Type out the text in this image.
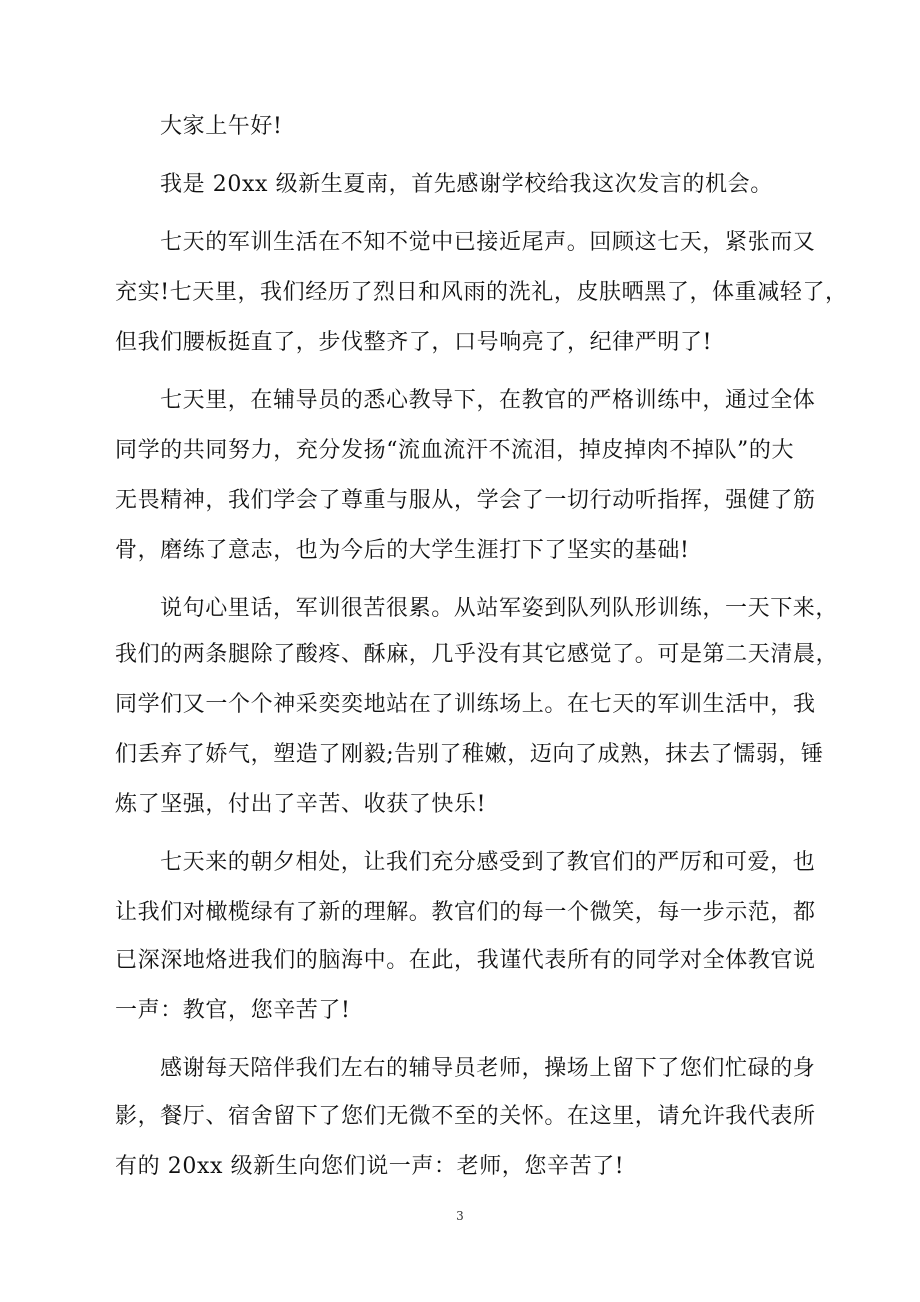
大家上午好!
我是 20xx 级新生夏南，首先感谢学校给我这次发言的机会。
七天的军训生活在不知不觉中已接近尾声。回顾这七天，紧张而又
充实!七天里，我们经历了烈日和风雨的洗礼，皮肤晒黑了，体重减轻了，
但我们腰板挺直了，步伐整齐了，口号响亮了，纪律严明了!
七天里，在辅导员的悉心教导下，在教官的严格训练中，通过全体
同学的共同努力，充分发扬“流血流汗不流泪，掉皮掉肉不掉队”的大
无畏精神，我们学会了尊重与服从，学会了一切行动听指挥，强健了筋
骨，磨练了意志，也为今后的大学生涯打下了坚实的基础!
说句心里话，军训很苦很累。从站军姿到队列队形训练，一天下来，
我们的两条腿除了酸疼、酥麻，几乎没有其它感觉了。可是第二天清晨，
同学们又一个个神采奕奕地站在了训练场上。在七天的军训生活中，我
们丢弃了娇气，塑造了刚毅;告别了稚嫩，迈向了成熟，抹去了懦弱，锤
炼了坚强，付出了辛苦、收获了快乐!
七天来的朝夕相处，让我们充分感受到了教官们的严厉和可爱，也
让我们对橄榄绿有了新的理解。教官们的每一个微笑，每一步示范，都
已深深地烙进我们的脑海中。在此，我谨代表所有的同学对全体教官说
一声：教官，您辛苦了!
感谢每天陪伴我们左右的辅导员老师，操场上留下了您们忙碌的身
影，餐厅、宿舍留下了您们无微不至的关怀。在这里，请允许我代表所
有的 20xx 级新生向您们说一声：老师，您辛苦了!
3
